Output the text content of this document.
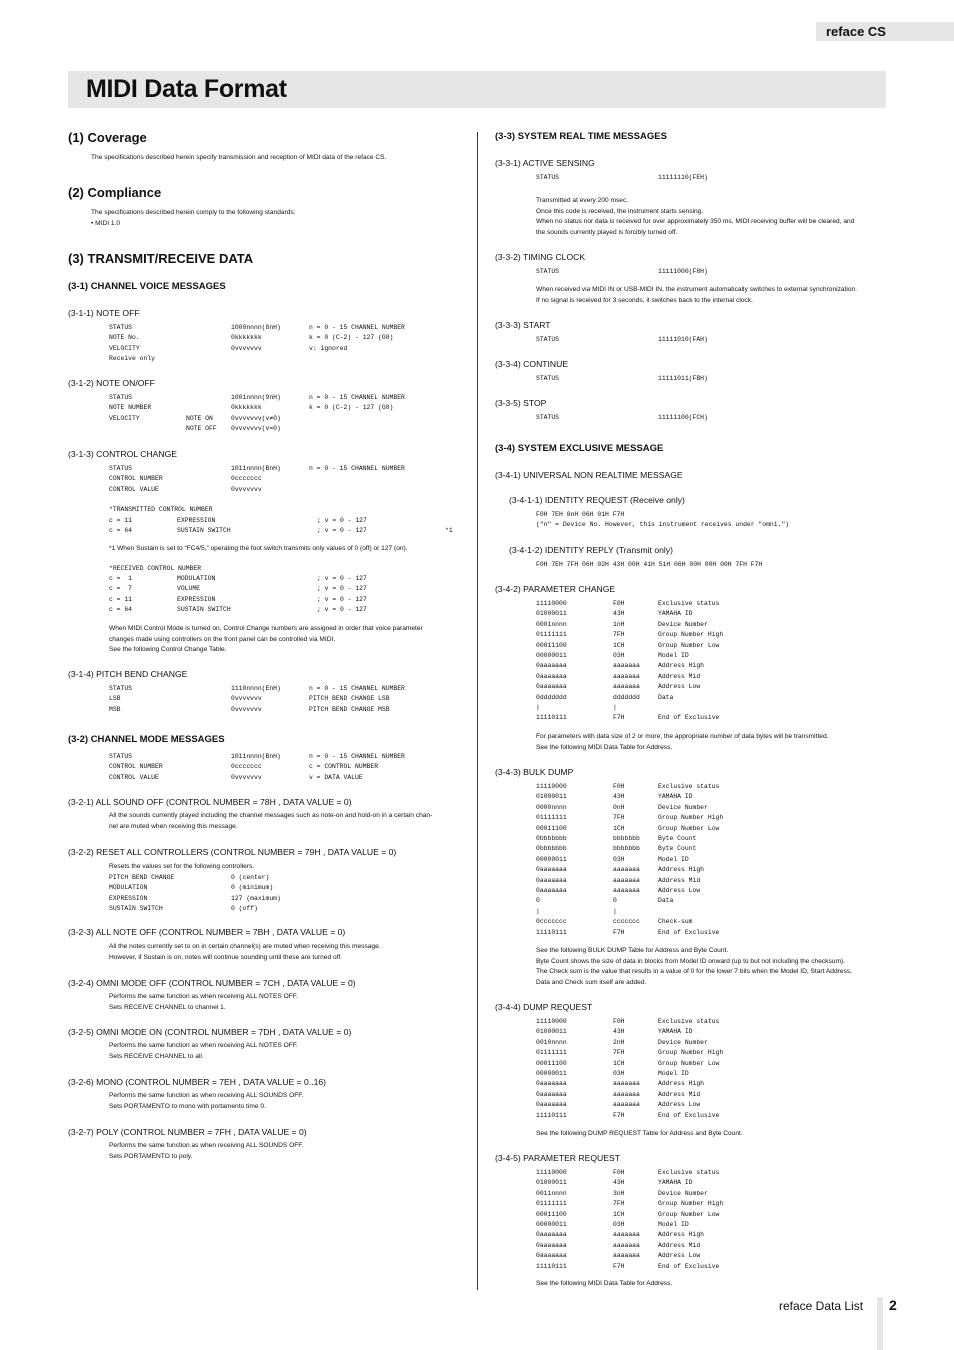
reface CS
MIDI Data Format
(1) Coverage
The specifications described herein specify transmission and reception of MIDI data of the reface CS.
(2) Compliance
The specifications described herein comply to the following standards:
• MIDI 1.0
(3) TRANSMIT/RECEIVE DATA
(3-1) CHANNEL VOICE MESSAGES
(3-1-1) NOTE OFF
STATUS	1000nnnn(8nH)	n = 0 - 15 CHANNEL NUMBER
NOTE No.	0kkkkkkk	k = 0 (C-2) - 127 (G8)
VELOCITY	0vvvvvvv	v: ignored
Receive only
(3-1-2) NOTE ON/OFF
STATUS	1001nnnn(9nH)	n = 0 - 15 CHANNEL NUMBER
NOTE NUMBER	0kkkkkkk	k = 0 (C-2) - 127 (G8)
VELOCITY	NOTE ON	0vvvvvvv(v≠0)
NOTE OFF	0vvvvvvv(v=0)
(3-1-3) CONTROL CHANGE
STATUS	1011nnnn(BnH)	n = 0 - 15 CHANNEL NUMBER
CONTROL NUMBER	0ccccccc
CONTROL VALUE	0vvvvvvv
*TRANSMITTED CONTROL NUMBER
c = 11	EXPRESSION	; v = 0 - 127
c = 64	SUSTAIN SWITCH	; v = 0 - 127	*1
*1 When Sustain is set to “FC4/5,” operating the foot switch transmits only values of 0 (off) or 127 (on).
*RECEIVED CONTROL NUMBER
c =  1	MODULATION	; v = 0 - 127
c =  7	VOLUME	; v = 0 - 127
c = 11	EXPRESSION	; v = 0 - 127
c = 64	SUSTAIN SWITCH	; v = 0 - 127
When MIDI Control Mode is turned on, Control Change numbers are assigned in order that voice parameter
changes made using controllers on the front panel can be controlled via MIDI.
See the following Control Change Table.
(3-1-4) PITCH BEND CHANGE
STATUS	1110nnnn(EnH)	n = 0 - 15 CHANNEL NUMBER
LSB	0vvvvvvv	PITCH BEND CHANGE LSB
MSB	0vvvvvvv	PITCH BEND CHANGE MSB
(3-2) CHANNEL MODE MESSAGES
STATUS	1011nnnn(BnH)	n = 0 - 15 CHANNEL NUMBER
CONTROL NUMBER	0ccccccc	c = CONTROL NUMBER
CONTROL VALUE	0vvvvvvv	v = DATA VALUE
(3-2-1) ALL SOUND OFF (CONTROL NUMBER = 78H , DATA VALUE = 0)
All the sounds currently played including the channel messages such as note-on and hold-on in a certain chan-
nel are muted when receiving this message.
(3-2-2) RESET ALL CONTROLLERS (CONTROL NUMBER = 79H , DATA VALUE = 0)
Resets the values set for the following controllers.
PITCH BEND CHANGE	0 (center)
MODULATION	0 (minimum)
EXPRESSION	127 (maximum)
SUSTAIN SWITCH	0 (off)
(3-2-3) ALL NOTE OFF (CONTROL NUMBER = 7BH , DATA VALUE = 0)
All the notes currently set to on in certain channel(s) are muted when receiving this message.
However, if Sustain is on, notes will continue sounding until these are turned off.
(3-2-4) OMNI MODE OFF (CONTROL NUMBER = 7CH , DATA VALUE = 0)
Performs the same function as when receiving ALL NOTES OFF.
Sets RECEIVE CHANNEL to channel 1.
(3-2-5) OMNI MODE ON (CONTROL NUMBER = 7DH , DATA VALUE = 0)
Performs the same function as when receiving ALL NOTES OFF.
Sets RECEIVE CHANNEL to all.
(3-2-6) MONO (CONTROL NUMBER = 7EH , DATA VALUE = 0..16)
Performs the same function as when receiving ALL SOUNDS OFF.
Sets PORTAMENTO to mono with portamento time 0.
(3-2-7) POLY (CONTROL NUMBER = 7FH , DATA VALUE = 0)
Performs the same function as when receiving ALL SOUNDS OFF.
Sets PORTAMENTO to poly.
(3-3) SYSTEM REAL TIME MESSAGES
(3-3-1) ACTIVE SENSING
STATUS	11111110(FEH)
Transmitted at every 200 msec.
Once this code is received, the instrument starts sensing.
When no status nor data is received for over approximately 350 ms, MIDI receiving buffer will be cleared, and
the sounds currently played is forcibly turned off.
(3-3-2) TIMING CLOCK
STATUS	11111000(F8H)
When received via MIDI IN or USB-MIDI IN, the instrument automatically switches to external synchronization.
If no signal is received for 3 seconds, it switches back to the internal clock.
(3-3-3) START
STATUS	11111010(FAH)
(3-3-4) CONTINUE
STATUS	11111011(FBH)
(3-3-5) STOP
STATUS	11111100(FCH)
(3-4) SYSTEM EXCLUSIVE MESSAGE
(3-4-1) UNIVERSAL NON REALTIME MESSAGE
(3-4-1-1) IDENTITY REQUEST (Receive only)
F0H 7EH 0nH 06H 01H F7H
("n" = Device No. However, this instrument receives under "omni.")
(3-4-1-2) IDENTITY REPLY (Transmit only)
F0H 7EH 7FH 06H 02H 43H 00H 41H 51H 06H 00H 00H 00H 7FH F7H
(3-4-2) PARAMETER CHANGE
11110000	F0H	Exclusive status
01000011	43H	YAMAHA ID
0001nnnn	1nH	Device Number
01111111	7FH	Group Number High
00011100	1CH	Group Number Low
00000011	03H	Model ID
0aaaaaaa	aaaaaaa	Address High
0aaaaaaa	aaaaaaa	Address Mid
0aaaaaaa	aaaaaaa	Address Low
0ddddddd	ddddddd	Data
|	|
11110111	F7H	End of Exclusive
For parameters with data size of 2 or more, the appropriate number of data bytes will be transmitted.
See the following MIDI Data Table for Address.
(3-4-3) BULK DUMP
11110000	F0H	Exclusive status
01000011	43H	YAMAHA ID
0000nnnn	0nH	Device Number
01111111	7FH	Group Number High
00011100	1CH	Group Number Low
0bbbbbbb	bbbbbbb	Byte Count
0bbbbbbb	bbbbbbb	Byte Count
00000011	03H	Model ID
0aaaaaaa	aaaaaaa	Address High
0aaaaaaa	aaaaaaa	Address Mid
0aaaaaaa	aaaaaaa	Address Low
0	0	Data
|	|
0ccccccc	ccccccc	Check-sum
11110111	F7H	End of Exclusive
See the following BULK DUMP Table for Address and Byte Count.
Byte Count shows the size of data in blocks from Model ID onward (up to but not including the checksum).
The Check sum is the value that results in a value of 0 for the lower 7 bits when the Model ID, Start Address,
Data and Check sum itself are added.
(3-4-4) DUMP REQUEST
11110000	F0H	Exclusive status
01000011	43H	YAMAHA ID
0010nnnn	2nH	Device Number
01111111	7FH	Group Number High
00011100	1CH	Group Number Low
00000011	03H	Model ID
0aaaaaaa	aaaaaaa	Address High
0aaaaaaa	aaaaaaa	Address Mid
0aaaaaaa	aaaaaaa	Address Low
11110111	F7H	End of Exclusive
See the following DUMP REQUEST Table for Address and Byte Count.
(3-4-5) PARAMETER REQUEST
11110000	F0H	Exclusive status
01000011	43H	YAMAHA ID
0011nnnn	3nH	Device Number
01111111	7FH	Group Number High
00011100	1CH	Group Number Low
00000011	03H	Model ID
0aaaaaaa	aaaaaaa	Address High
0aaaaaaa	aaaaaaa	Address Mid
0aaaaaaa	aaaaaaa	Address Low
11110111	F7H	End of Exclusive
See the following MIDI Data Table for Address.
reface Data List 2
